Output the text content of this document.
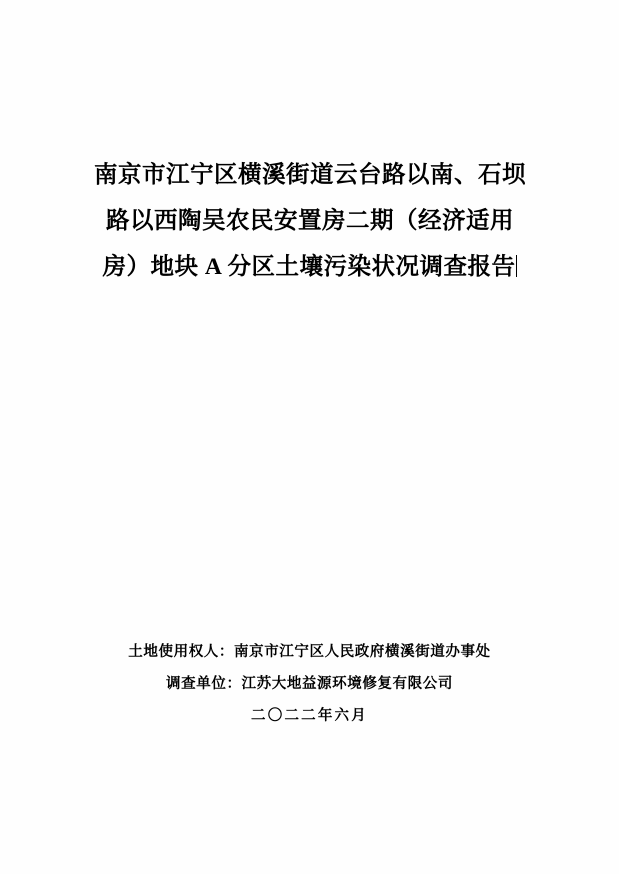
南京市江宁区横溪街道云台路以南、石坝
路以西陶吴农民安置房二期（经济适用
房）地块 A 分区土壤污染状况调查报告
土地使用权人：南京市江宁区人民政府横溪街道办事处
调查单位：江苏大地益源环境修复有限公司
二〇二二年六月
